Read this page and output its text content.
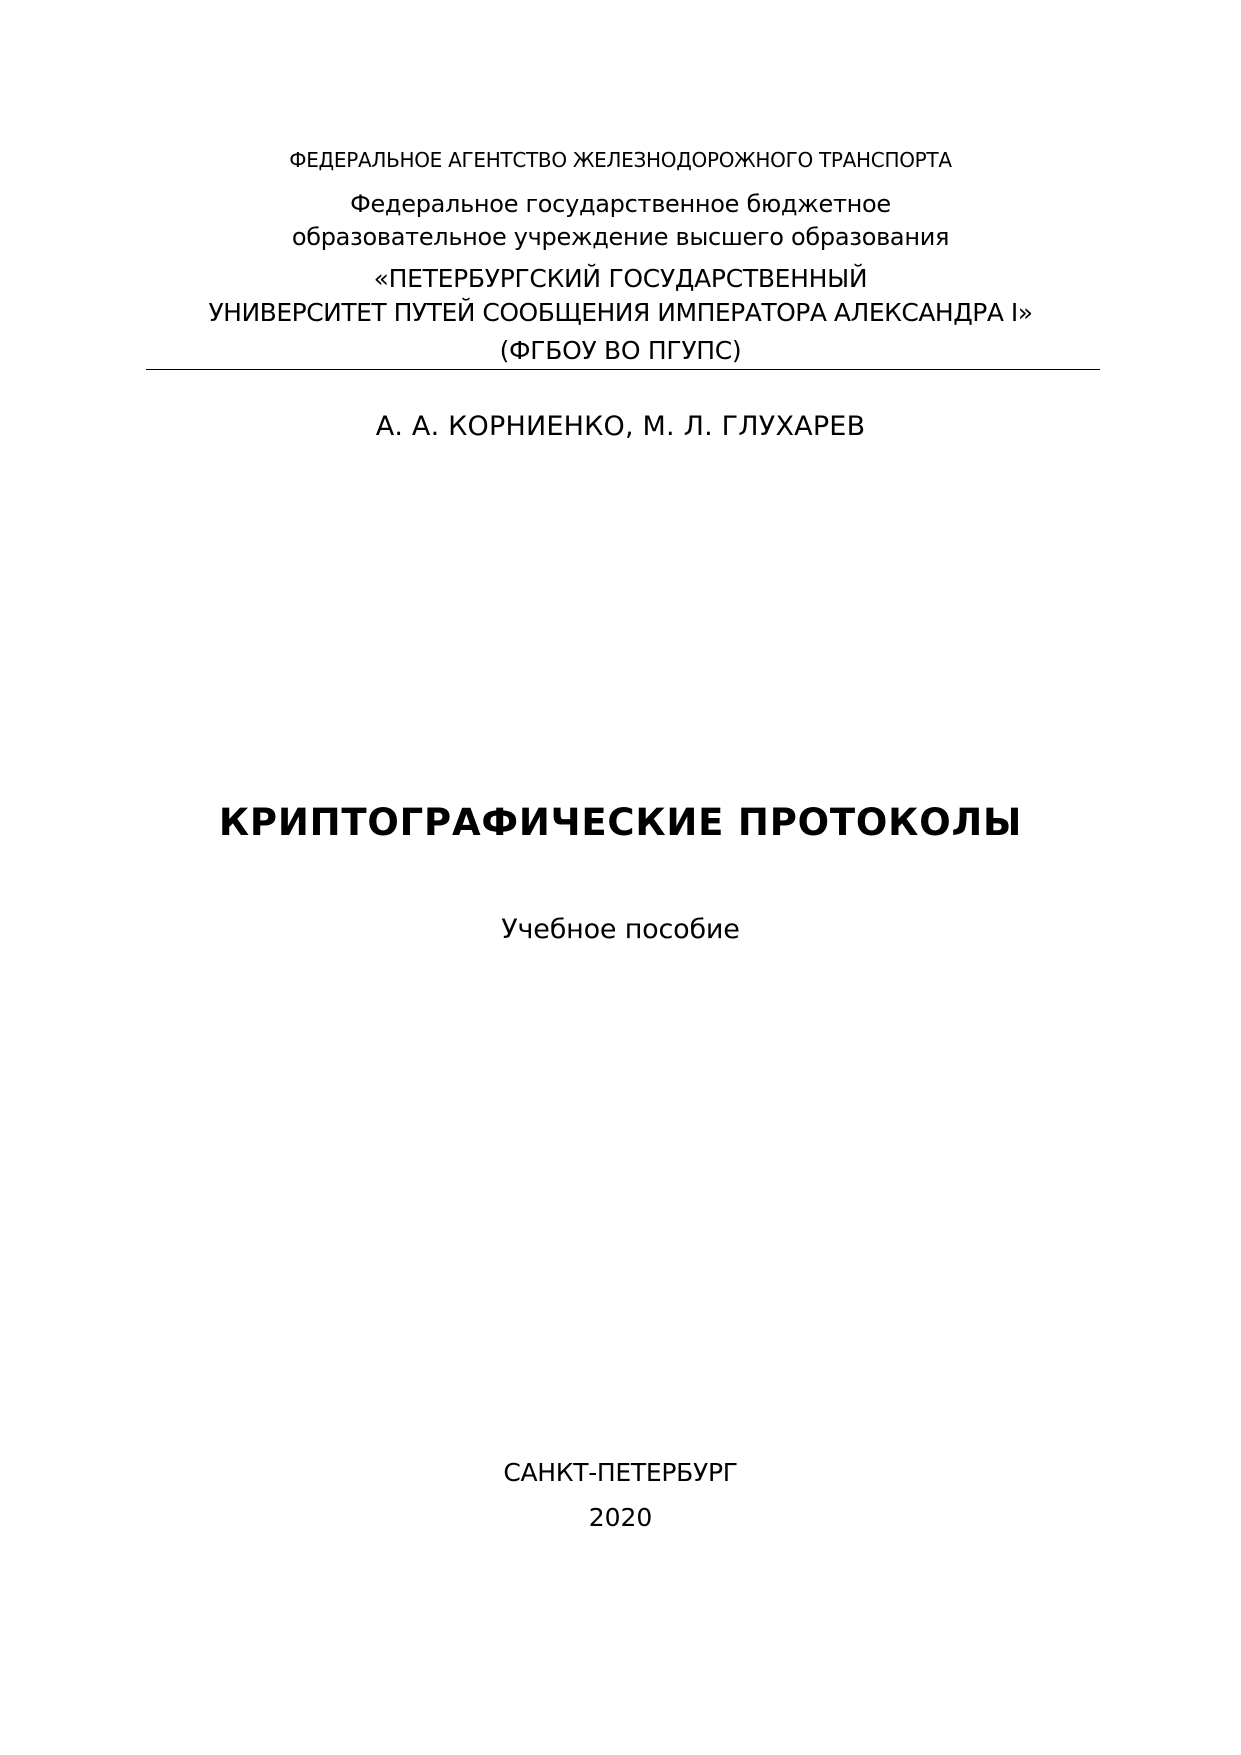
ФЕДЕРАЛЬНОЕ АГЕНТСТВО ЖЕЛЕЗНОДОРОЖНОГО ТРАНСПОРТА
Федеральное государственное бюджетное
образовательное учреждение высшего образования
«ПЕТЕРБУРГСКИЙ ГОСУДАРСТВЕННЫЙ
УНИВЕРСИТЕТ ПУТЕЙ СООБЩЕНИЯ ИМПЕРАТОРА АЛЕКСАНДРА I»
(ФГБОУ ВО ПГУПС)
А. А. КОРНИЕНКО, М. Л. ГЛУХАРЕВ
КРИПТОГРАФИЧЕСКИЕ ПРОТОКОЛЫ
Учебное пособие
САНКТ-ПЕТЕРБУРГ
2020
